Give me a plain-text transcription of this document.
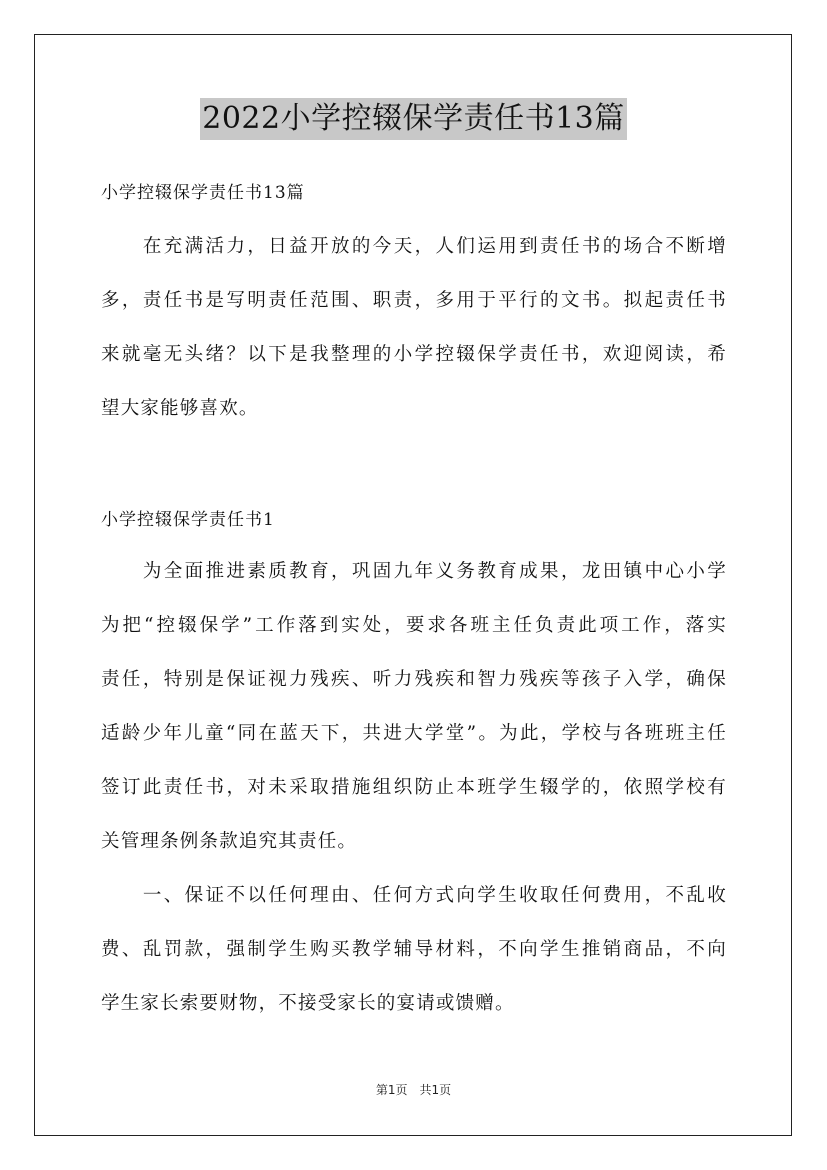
2022小学控辍保学责任书13篇
小学控辍保学责任书13篇
　　在充满活力，日益开放的今天，人们运用到责任书的场合不断增
多，责任书是写明责任范围、职责，多用于平行的文书。拟起责任书
来就毫无头绪？以下是我整理的小学控辍保学责任书，欢迎阅读，希
望大家能够喜欢。
小学控辍保学责任书1
　　为全面推进素质教育，巩固九年义务教育成果，龙田镇中心小学
为把“控辍保学”工作落到实处，要求各班主任负责此项工作，落实
责任，特别是保证视力残疾、听力残疾和智力残疾等孩子入学，确保
适龄少年儿童“同在蓝天下，共进大学堂”。为此，学校与各班班主任
签订此责任书，对未采取措施组织防止本班学生辍学的，依照学校有
关管理条例条款追究其责任。
　　一、保证不以任何理由、任何方式向学生收取任何费用，不乱收
费、乱罚款，强制学生购买教学辅导材料，不向学生推销商品，不向
学生家长索要财物，不接受家长的宴请或馈赠。
第1页　共1页
